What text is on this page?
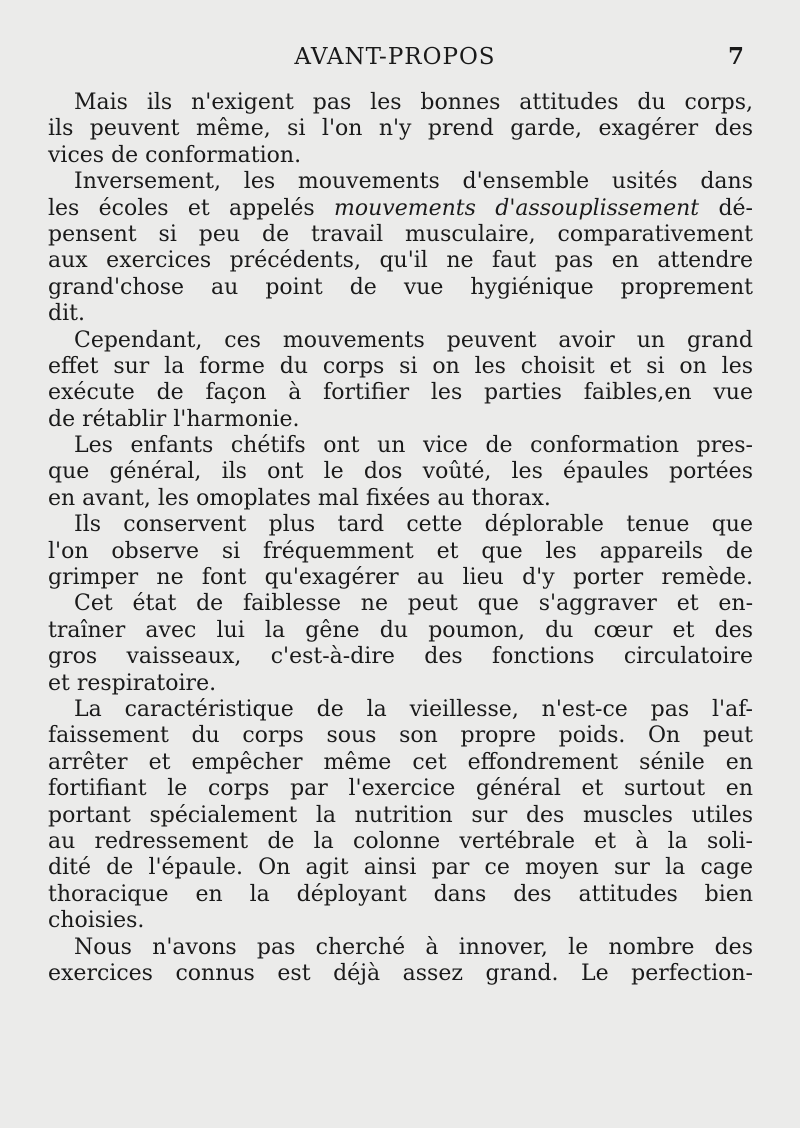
AVANT-PROPOS	7
Mais ils n'exigent pas les bonnes attitudes du corps,
ils peuvent même, si l'on n'y prend garde, exagérer des
vices de conformation.
Inversement, les mouvements d'ensemble usités dans
les écoles et appelés mouvements d'assouplissement dé-
pensent si peu de travail musculaire, comparativement
aux exercices précédents, qu'il ne faut pas en attendre
grand'chose au point de vue hygiénique proprement
dit.
Cependant, ces mouvements peuvent avoir un grand
effet sur la forme du corps si on les choisit et si on les
exécute de façon à fortifier les parties faibles,en vue
de rétablir l'harmonie.
Les enfants chétifs ont un vice de conformation pres-
que général, ils ont le dos voûté, les épaules portées
en avant, les omoplates mal fixées au thorax.
Ils conservent plus tard cette déplorable tenue que
l'on observe si fréquemment et que les appareils de
grimper ne font qu'exagérer au lieu d'y porter remède.
Cet état de faiblesse ne peut que s'aggraver et en-
traîner avec lui la gêne du poumon, du cœur et des
gros vaisseaux, c'est-à-dire des fonctions circulatoire
et respiratoire.
La caractéristique de la vieillesse, n'est-ce pas l'af-
faissement du corps sous son propre poids. On peut
arrêter et empêcher même cet effondrement sénile en
fortifiant le corps par l'exercice général et surtout en
portant spécialement la nutrition sur des muscles utiles
au redressement de la colonne vertébrale et à la soli-
dité de l'épaule. On agit ainsi par ce moyen sur la cage
thoracique en la déployant dans des attitudes bien
choisies.
Nous n'avons pas cherché à innover, le nombre des
exercices connus est déjà assez grand. Le perfection-
